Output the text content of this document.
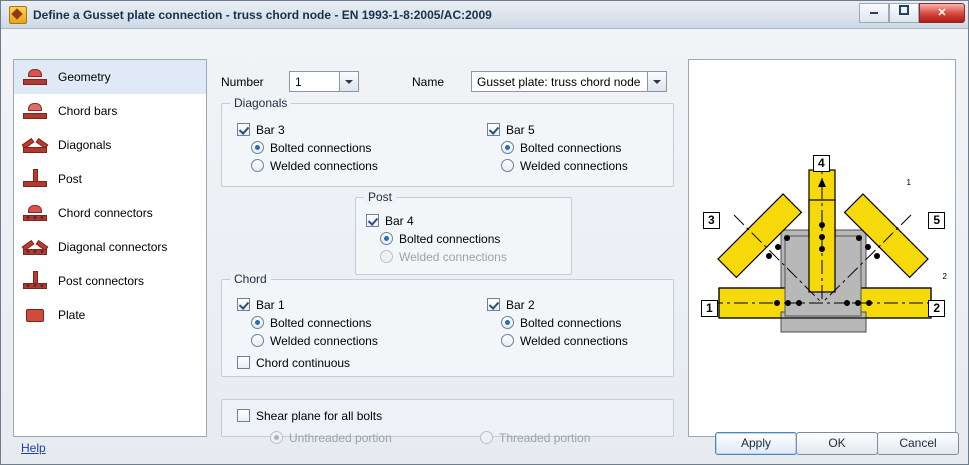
Define a Gusset plate connection - truss chord node - EN 1993-1-8:2005/AC:2009	✕
Geometry
Chord bars
Diagonals
Post
Chord connectors
Diagonal connectors
Post connectors
Plate
Number	1	Name	Gusset plate: truss chord node
Diagonals
Bar 3
Bolted connections
Welded connections
Bar 5
Bolted connections
Welded connections
Post
Bar 4
Bolted connections
Welded connections
Chord
Bar 1
Bolted connections
Welded connections
Chord continuous
Bar 2
Bolted connections
Welded connections
Shear plane for all bolts
Unthreaded portion	Threaded portion
1	2
3
4
5
1
2
Help	Apply	OK	Cancel
